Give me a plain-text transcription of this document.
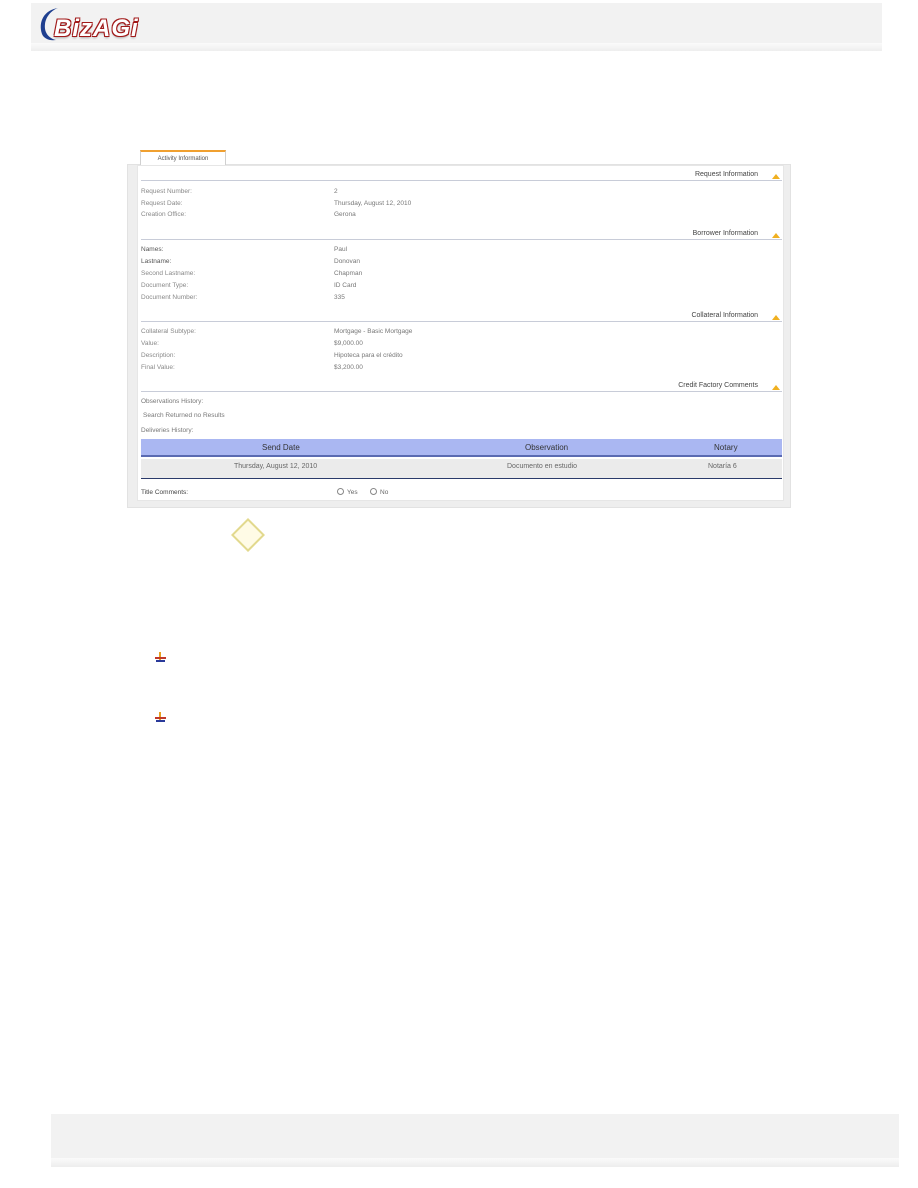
BizAGi
Activity Information
Request Information
Request Number:	2
Request Date:	Thursday, August 12, 2010
Creation Office:	Gerona
Borrower Information
Names:	Paul
Lastname:	Donovan
Second Lastname:	Chapman
Document Type:	ID Card
Document Number:	335
Collateral Information
Collateral Subtype:	Mortgage - Basic Mortgage
Value:	$9,000.00
Description:	Hipoteca para el crédito
Final Value:	$3,200.00
Credit Factory Comments
Observations History:
Search Returned no Results
Deliveries History:
Send Date	Observation	Notary
Thursday, August 12, 2010	Documento en estudio	Notaría 6
Title Comments:	Yes	No
